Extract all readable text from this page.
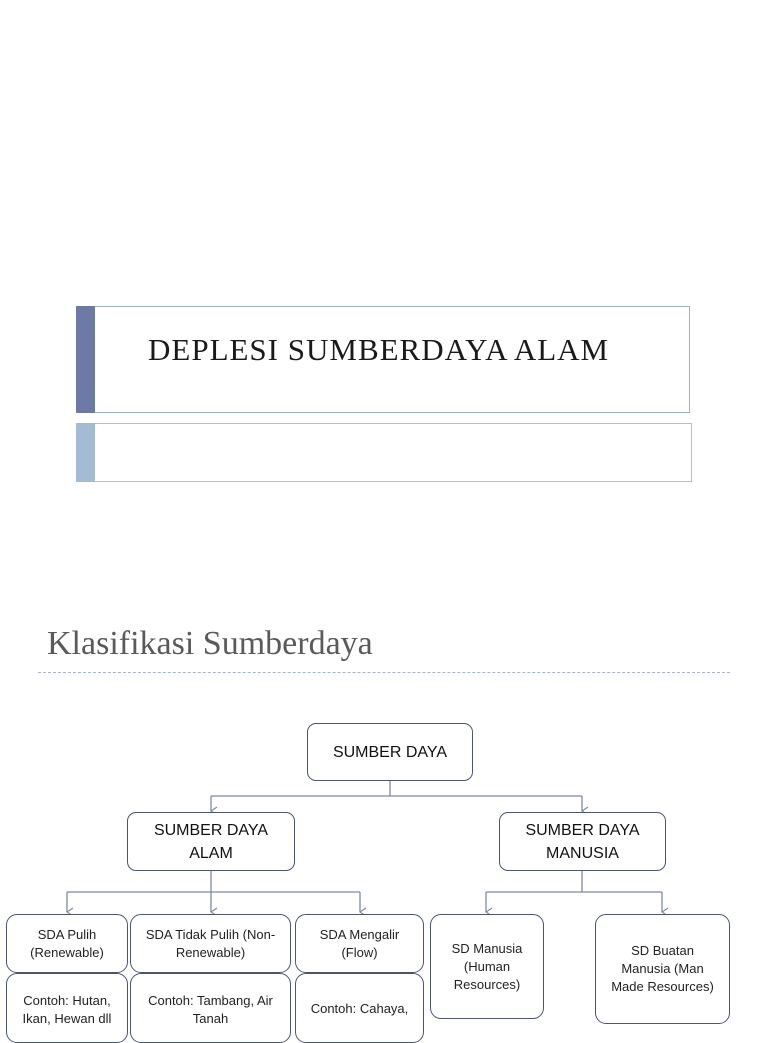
DEPLESI SUMBERDAYA ALAM
Klasifikasi Sumberdaya
SUMBER DAYA
SUMBER DAYA ALAM
SUMBER DAYA MANUSIA
SDA Pulih (Renewable)
SDA Tidak Pulih (Non-Renewable)
SDA Mengalir (Flow)
Contoh: Hutan, Ikan, Hewan dll
Contoh: Tambang, Air Tanah
Contoh: Cahaya,
SD Manusia (Human Resources)
SD Buatan Manusia (Man Made Resources)
